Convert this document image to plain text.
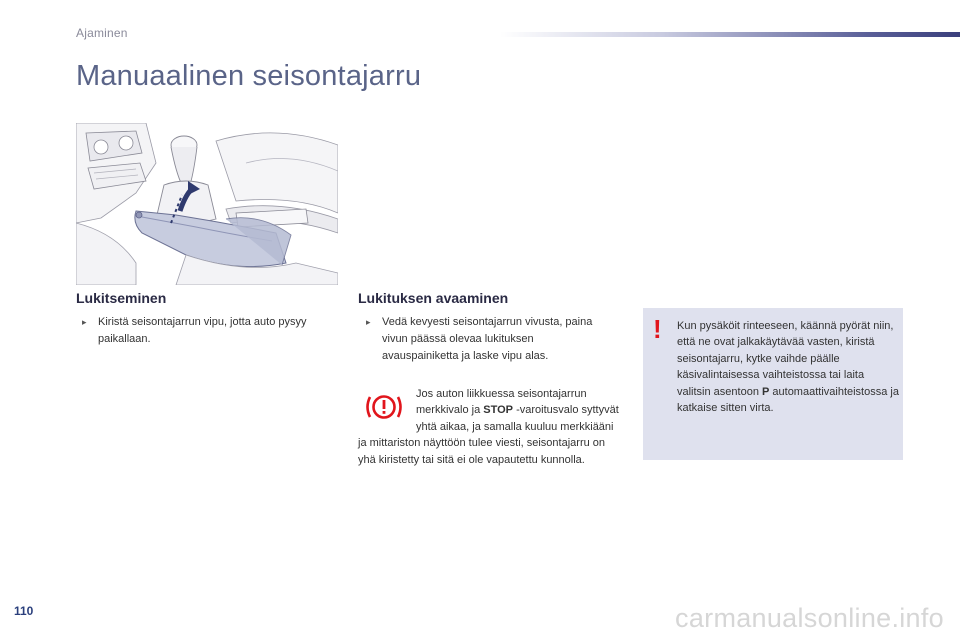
Ajaminen
Manuaalinen seisontajarru
Lukitseminen
▸ Kiristä seisontajarrun vipu, jotta auto pysyy paikallaan.
Lukituksen avaaminen
▸ Vedä kevyesti seisontajarrun vivusta, paina vivun päässä olevaa lukituksen avauspainiketta ja laske vipu alas.
Jos auton liikkuessa seisontajarrun merkkivalo ja STOP -varoitusvalo syttyvät yhtä aikaa, ja samalla kuuluu merkkiääni ja mittariston näyttöön tulee viesti, seisontajarru on yhä kiristetty tai sitä ei ole vapautettu kunnolla.
! Kun pysäköit rinteeseen, käännä pyörät niin, että ne ovat jalkakäytävää vasten, kiristä seisontajarru, kytke vaihde päälle käsivalintaisessa vaihteistossa tai laita valitsin asentoon P automaattivaihteistossa ja katkaise sitten virta.
110	carmanualsonline.info
